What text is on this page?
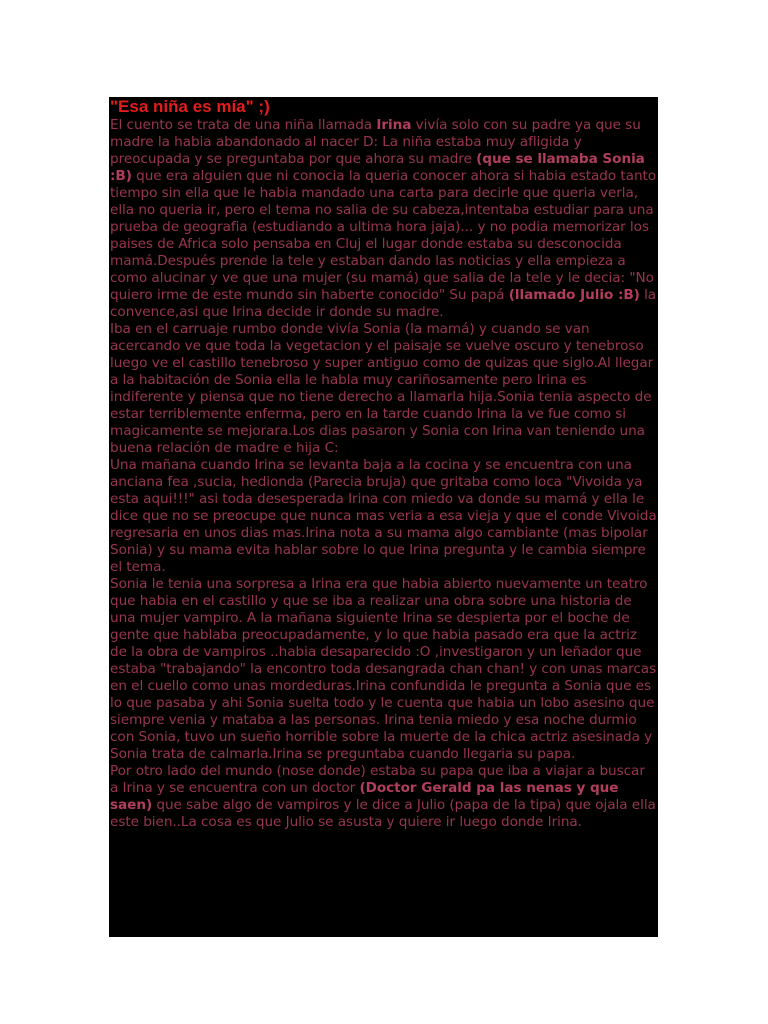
"Esa niña es mía" ;)

El cuento se trata de una niña llamada Irina vivía solo con su padre ya que su madre la habia abandonado al nacer D: La niña estaba muy afligida y preocupada y se preguntaba por que ahora su madre (que se llamaba Sonia :B) que era alguien que ni conocia la queria conocer ahora si habia estado tanto tiempo sin ella que le habia mandado una carta para decirle que queria verla, ella no queria ir, pero el tema no salia de su cabeza,intentaba estudiar para una prueba de geografia (estudiando a ultima hora jaja)... y no podia memorizar los paises de Africa solo pensaba en Cluj el lugar donde estaba su desconocida mamá.Después prende la tele y estaban dando las noticias y ella empieza a como alucinar y ve que una mujer (su mamá) que salia de la tele y le decia: "No quiero irme de este mundo sin haberte conocido" Su papá (llamado Julio :B) la convence,asi que Irina decide ir donde su madre.

Iba en el carruaje rumbo donde vivía Sonia (la mamá) y cuando se van acercando ve que toda la vegetacion y el paisaje se vuelve oscuro y tenebroso luego ve el castillo tenebroso y super antiguo como de quizas que siglo.Al llegar a la habitación de Sonia ella le habla muy cariñosamente pero Irina es indiferente y piensa que no tiene derecho a llamarla hija.Sonia tenia aspecto de estar terriblemente enferma, pero en la tarde cuando Irina la ve fue como si magicamente se mejorara.Los dias pasaron y Sonia con Irina van teniendo una buena relación de madre e hija C:

Una mañana cuando Irina se levanta baja a la cocina y se encuentra con una anciana fea ,sucia, hedionda (Parecia bruja) que gritaba como loca "Vivoida ya esta aqui!!!" asi toda desesperada Irina con miedo va donde su mamá y ella le dice que no se preocupe que nunca mas veria a esa vieja y que el conde Vivoida regresaria en unos dias mas.Irina nota a su mama algo cambiante (mas bipolar Sonia) y su mama evita hablar sobre lo que Irina pregunta y le cambia siempre el tema.

Sonia le tenia una sorpresa a Irina era que habia abierto nuevamente un teatro que habia en el castillo y que se iba a realizar una obra sobre una historia de una mujer vampiro. A la mañana siguiente Irina se despierta por el boche de gente que hablaba preocupadamente, y lo que habia pasado era que la actriz de la obra de vampiros ..habia desaparecido :O ,investigaron y un leñador que estaba "trabajando" la encontro toda desangrada chan chan! y con unas marcas en el cuello como unas mordeduras.Irina confundida le pregunta a Sonia que es lo que pasaba y ahi Sonia suelta todo y le cuenta que habia un lobo asesino que siempre venia y mataba a las personas. Irina tenia miedo y esa noche durmio con Sonia, tuvo un sueño horrible sobre la muerte de la chica actriz asesinada y Sonia trata de calmarla.Irina se preguntaba cuando llegaria su papa.

Por otro lado del mundo (nose donde) estaba su papa que iba a viajar a buscar a Irina y se encuentra con un doctor (Doctor Gerald pa las nenas y que saen) que sabe algo de vampiros y le dice a Julio (papa de la tipa) que ojala ella este bien..La cosa es que Julio se asusta y quiere ir luego donde Irina.
